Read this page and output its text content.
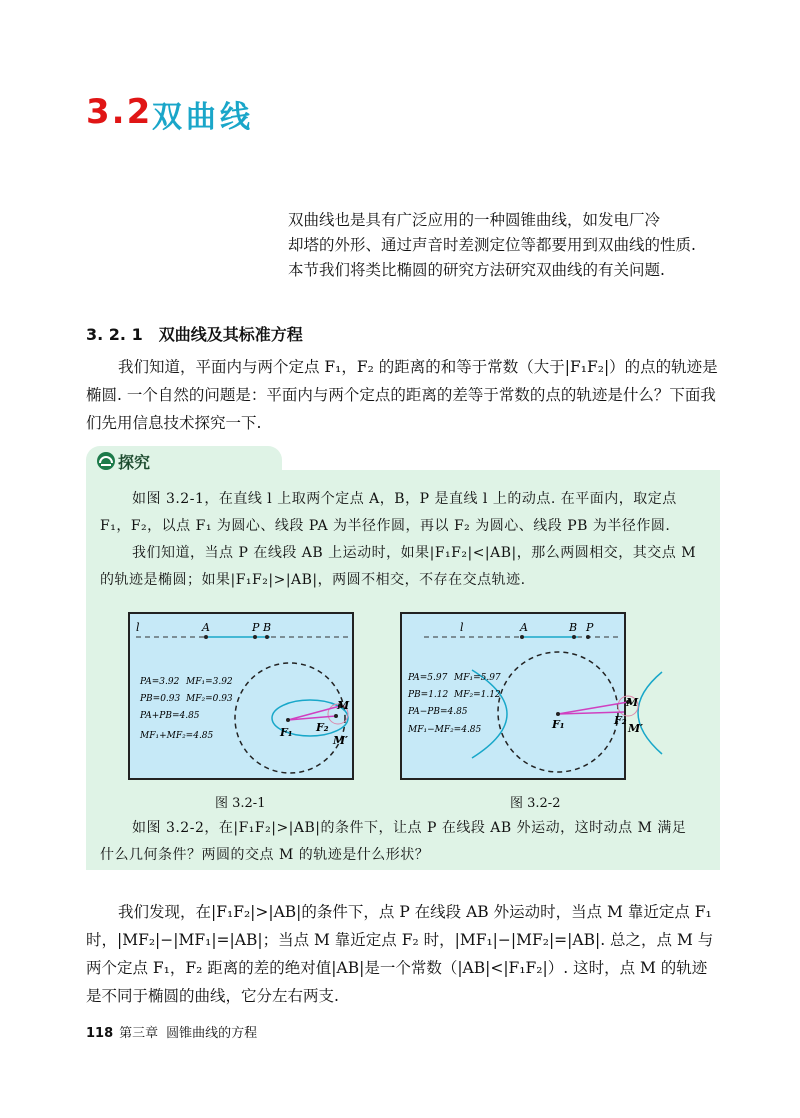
3.2 双曲线

双曲线也是具有广泛应用的一种圆锥曲线，如发电厂冷

却塔的外形、通过声音时差测定位等都要用到双曲线的性质.

本节我们将类比椭圆的研究方法研究双曲线的有关问题.

3. 2. 1 双曲线及其标准方程

我们知道，平面内与两个定点 F₁，F₂ 的距离的和等于常数（大于|F₁F₂|）的点的轨迹是椭圆. 一个自然的问题是：平面内与两个定点的距离的差等于常数的点的轨迹是什么？下面我们先用信息技术探究一下.

探究

如图 3.2-1，在直线 l 上取两个定点 A，B，P 是直线 l 上的动点. 在平面内，取定点 F₁，F₂，以点 F₁ 为圆心、线段 PA 为半径作圆，再以 F₂ 为圆心、线段 PB 为半径作圆.

我们知道，当点 P 在线段 AB 上运动时，如果|F₁F₂|<|AB|，那么两圆相交，其交点 M 的轨迹是椭圆；如果|F₁F₂|>|AB|，两圆不相交，不存在交点轨迹.

l	A	P B
M
M′
F₁ F₂
PA=3.92 MF₁=3.92
PB=0.93 MF₂=0.93
PA+PB=4.85
MF₁+MF₂=4.85
l	A	B P
M
M′
F₁	F₂
PA=5.97 MF₁=5.97
PB=1.12 MF₂=1.12
PA−PB=4.85
MF₁−MF₂=4.85
图 3.2-1	图 3.2-2

如图 3.2-2，在|F₁F₂|>|AB|的条件下，让点 P 在线段 AB 外运动，这时动点 M 满足什么几何条件？两圆的交点 M 的轨迹是什么形状？

我们发现，在|F₁F₂|>|AB|的条件下，点 P 在线段 AB 外运动时，当点 M 靠近定点 F₁ 时，|MF₂|−|MF₁|=|AB|；当点 M 靠近定点 F₂ 时，|MF₁|−|MF₂|=|AB|. 总之，点 M 与两个定点 F₁，F₂ 距离的差的绝对值|AB|是一个常数（|AB|<|F₁F₂|）. 这时，点 M 的轨迹是不同于椭圆的曲线，它分左右两支.

118 第三章 圆锥曲线的方程
